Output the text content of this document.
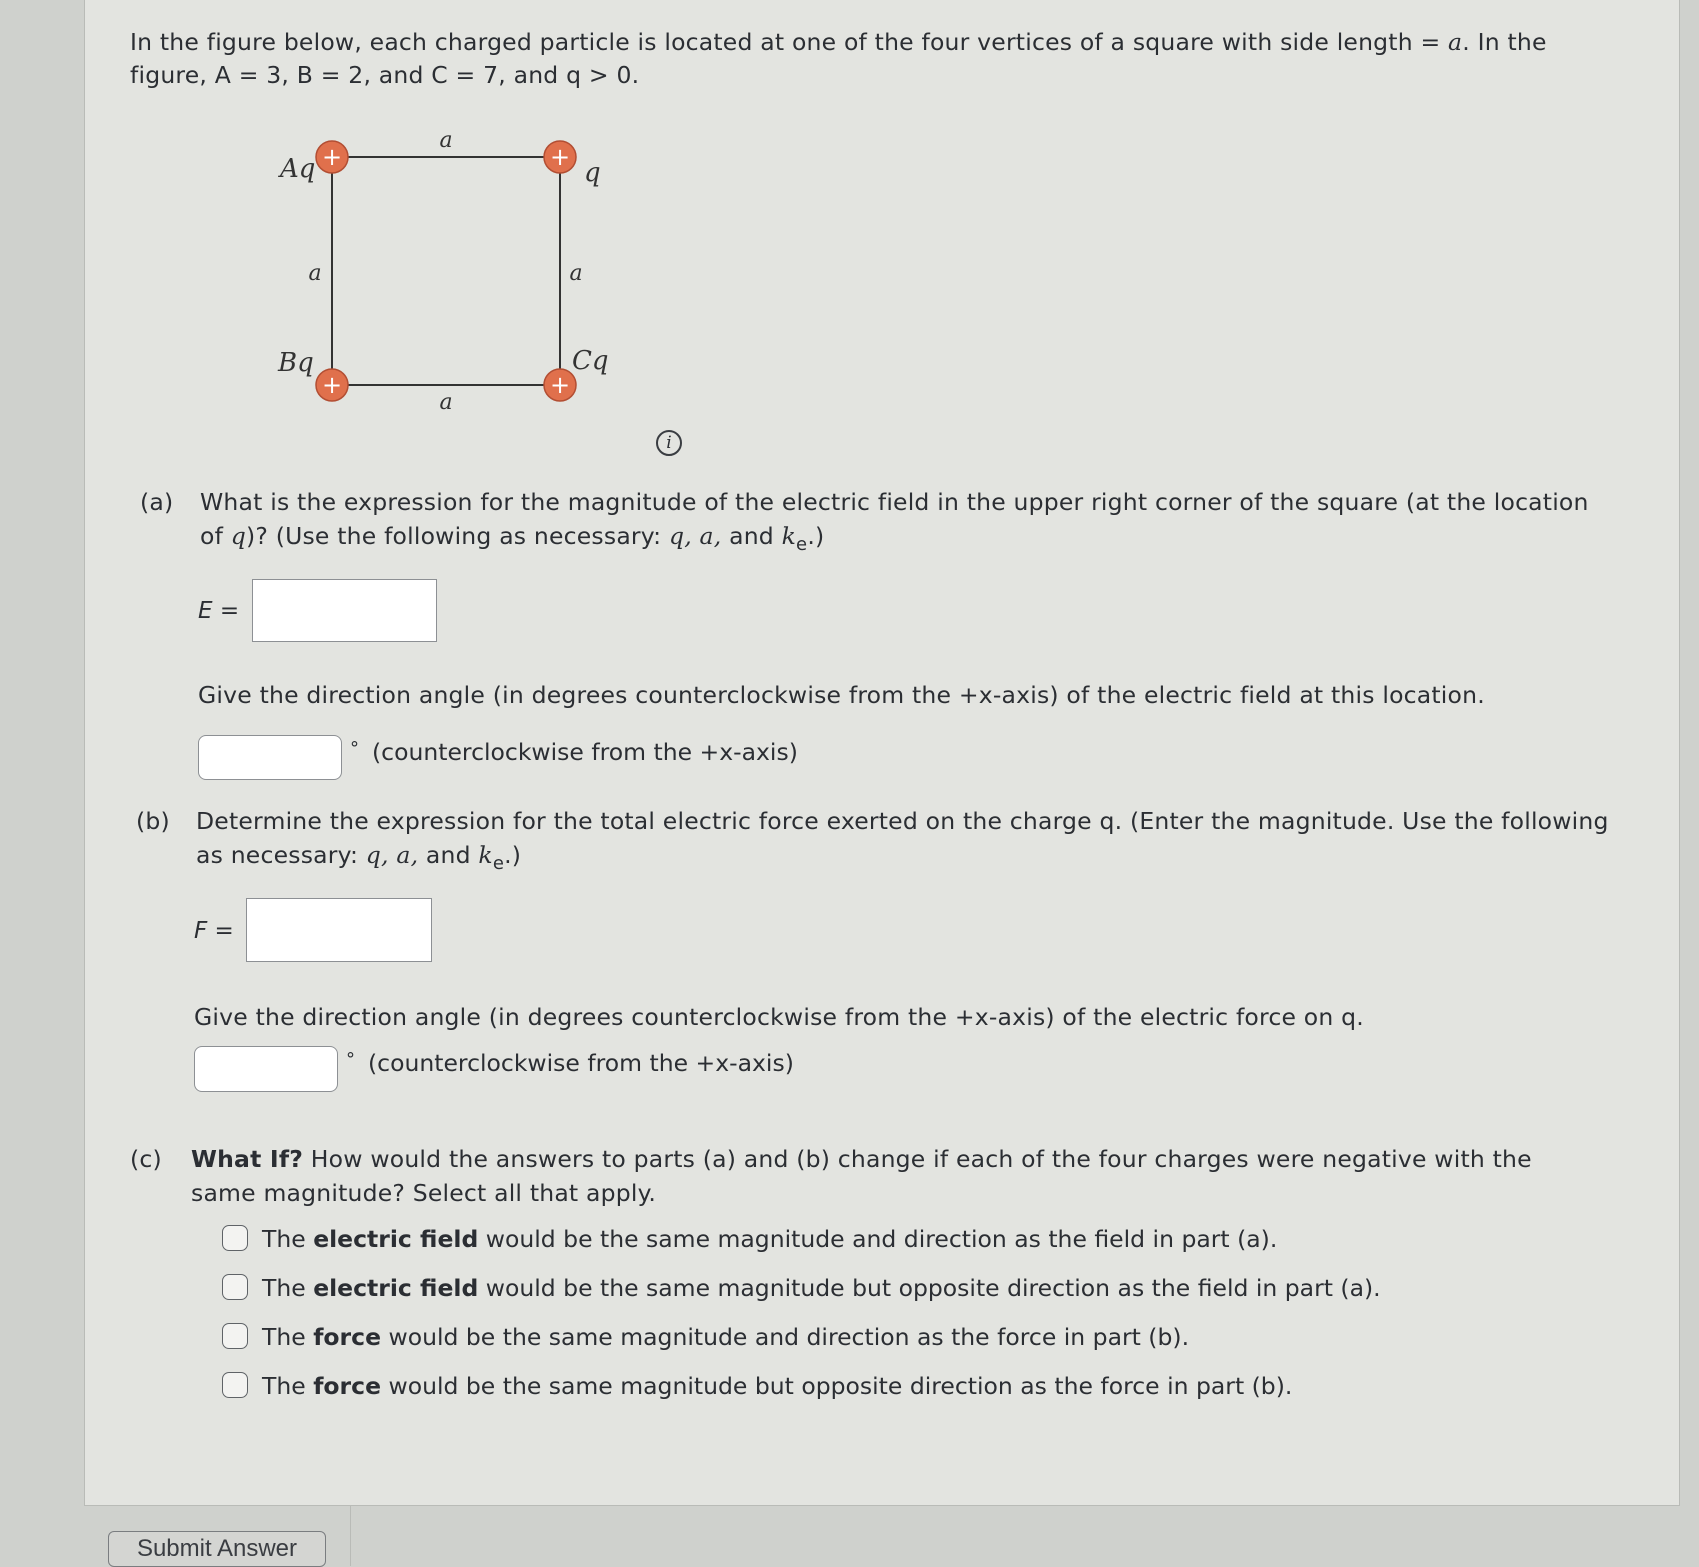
In the figure below, each charged particle is located at one of the four vertices of a square with side length = a. In the
figure, A = 3, B = 2, and C = 7, and q > 0.
+	+
+	+
Aq	q
Bq	Cq
a
a
a	a
i
(a) What is the expression for the magnitude of the electric field in the upper right corner of the square (at the location
of q)? (Use the following as necessary: q, a, and $k_e$.)
E =
Give the direction angle (in degrees counterclockwise from the +x-axis) of the electric field at this location.
° (counterclockwise from the +x-axis)
(b) Determine the expression for the total electric force exerted on the charge q. (Enter the magnitude. Use the following
as necessary: q, a, and $k_e$.)
F =
Give the direction angle (in degrees counterclockwise from the +x-axis) of the electric force on q.
° (counterclockwise from the +x-axis)
(c) What If? How would the answers to parts (a) and (b) change if each of the four charges were negative with the
same magnitude? Select all that apply.
The electric field would be the same magnitude and direction as the field in part (a).
The electric field would be the same magnitude but opposite direction as the field in part (a).
The force would be the same magnitude and direction as the force in part (b).
The force would be the same magnitude but opposite direction as the force in part (b).
Submit Answer
